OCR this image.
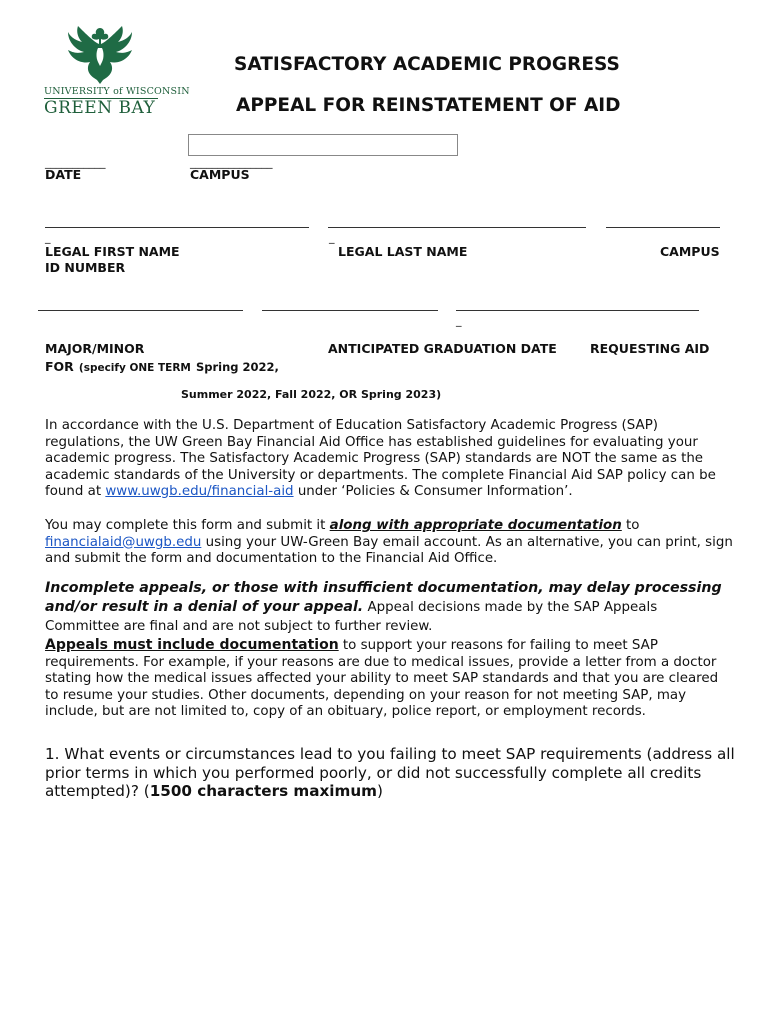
UNIVERSITY of WISCONSIN
GREEN BAY
SATISFACTORY ACADEMIC PROGRESS
APPEAL FOR REINSTATEMENT OF AID
___________	_______________
DATE	CAMPUS
_	_
LEGAL FIRST NAME	LEGAL LAST NAME	CAMPUS
ID NUMBER
_
MAJOR/MINOR	ANTICIPATED GRADUATION DATE	REQUESTING AID
FOR (specify ONE TERM Spring 2022,
Summer 2022, Fall 2022, OR Spring 2023)

In accordance with the U.S. Department of Education Satisfactory Academic Progress (SAP) regulations, the UW Green Bay Financial Aid Office has established guidelines for evaluating your academic progress. The Satisfactory Academic Progress (SAP) standards are NOT the same as the academic standards of the University or departments. The complete Financial Aid SAP policy can be found at www.uwgb.edu/financial-aid under ‘Policies & Consumer Information’.

You may complete this form and submit it along with appropriate documentation to financialaid@uwgb.edu using your UW-Green Bay email account. As an alternative, you can print, sign and submit the form and documentation to the Financial Aid Office.

Incomplete appeals, or those with insufficient documentation, may delay processing and/or result in a denial of your appeal. Appeal decisions made by the SAP Appeals Committee are final and are not subject to further review.

Appeals must include documentation to support your reasons for failing to meet SAP requirements. For example, if your reasons are due to medical issues, provide a letter from a doctor stating how the medical issues affected your ability to meet SAP standards and that you are cleared to resume your studies. Other documents, depending on your reason for not meeting SAP, may include, but are not limited to, copy of an obituary, police report, or employment records.

1. What events or circumstances lead to you failing to meet SAP requirements (address all prior terms in which you performed poorly, or did not successfully complete all credits attempted)? (1500 characters maximum)
